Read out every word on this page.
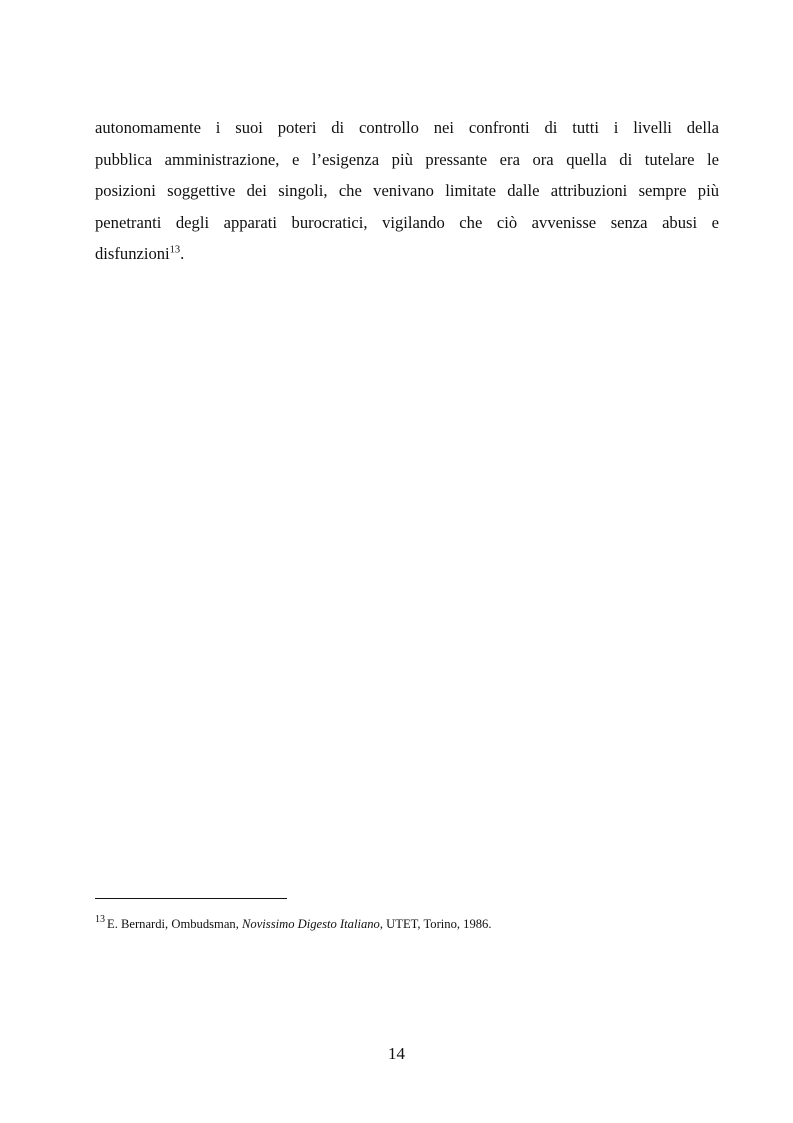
autonomamente i suoi poteri di controllo nei confronti di tutti i livelli della
pubblica amministrazione, e l’esigenza più pressante era ora quella di tutelare le
posizioni soggettive dei singoli, che venivano limitate dalle attribuzioni sempre più
penetranti degli apparati burocratici, vigilando che ciò avvenisse senza abusi e
disfunzioni$^{13}$.
$^{13}$ E. Bernardi, Ombudsman, Novissimo Digesto Italiano, UTET, Torino, 1986.
14
